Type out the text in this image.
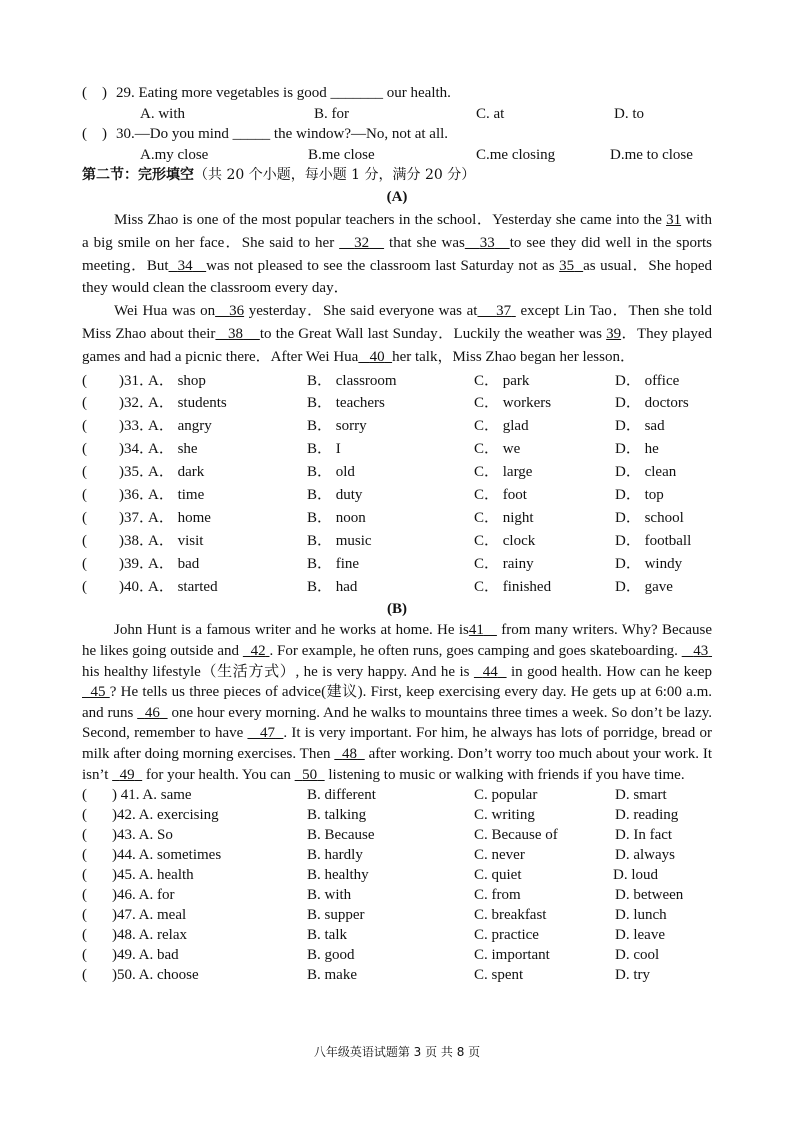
(    ) 29. Eating more vegetables is good _______ our health.
A. with	B. for	C. at	D. to
(    ) 30.—Do you mind _____ the window?—No, not at all.
A.my close	B.me close	C.me closing	D.me to close
第二节：完形填空（共 20 个小题，每小题 1 分，满分 20 分）
(A)

Miss Zhao is one of the most popular teachers in the school．Yesterday she came into the 31 with a big smile on her face．She said to her    32    that she was 33 to see they did well in the sports meeting．But 34 was not pleased to see the classroom last Saturday not as 35 as usual．She hoped they would clean the classroom every day．

Wei Hua was on 36 yesterday．She said everyone was at 37  except Lin Tao．Then she told Miss Zhao about their 38 to the Great Wall last Sunday．Luckily the weather was 39．They played games and had a picnic there．After Wei Hua 40 her talk，Miss Zhao began her lesson．

( )31．
A． shop	B． classroom	C． park	D． office
( )32．
A． students	B． teachers	C． workers	D． doctors
( )33．
A． angry	B． sorry	C． glad	D． sad
( )34．
A． she	B． I	C． we	D． he
( )35．
A． dark	B． old	C． large	D． clean
( )36．
A． time	B． duty	C． foot	D． top
( )37．
A． home	B． noon	C． night	D． school
( )38．
A． visit	B． music	C． clock	D． football
( )39．
A． bad	B． fine	C． rainy	D． windy
( )40．
A． started	B． had	C． finished	D． gave
(B)

John Hunt is a famous writer and he works at home. He is41    from many writers. Why? Because he likes going outside and   42 . For example, he often runs, goes camping and goes skateboarding.    43  his healthy lifestyle（生活方式）, he is very happy. And he is   44   in good health. How can he keep   45 ? He tells us three pieces of advice(建议). First, keep exercising every day. He gets up at 6:00 a.m. and runs   46   one hour every morning. And he walks to mountains three times a week. So don’t be lazy. Second, remember to have    47 . It is very important. For him, he always has lots of porridge, bread or milk after doing morning exercises. Then   48   after working. Don’t worry too much about your work. It isn’t   49   for your health. You can   50   listening to music or walking with friends if you have time.

( ) 41. A. same	B. different	C. popular	D. smart
( )42. A. exercising	B. talking	C. writing	D. reading
( )43. A. So	B. Because	C. Because of	D. In fact
( )44. A. sometimes	B. hardly	C. never	D. always
( )45. A. health	B. healthy	C. quiet	D. loud
( )46. A. for	B. with	C. from	D. between
( )47. A. meal	B. supper	C. breakfast	D. lunch
( )48. A. relax	B. talk	C. practice	D. leave
( )49. A. bad	B. good	C. important	D. cool
( )50. A. choose	B. make	C. spent	D. try
八年级英语试题第 3 页 共 8 页
